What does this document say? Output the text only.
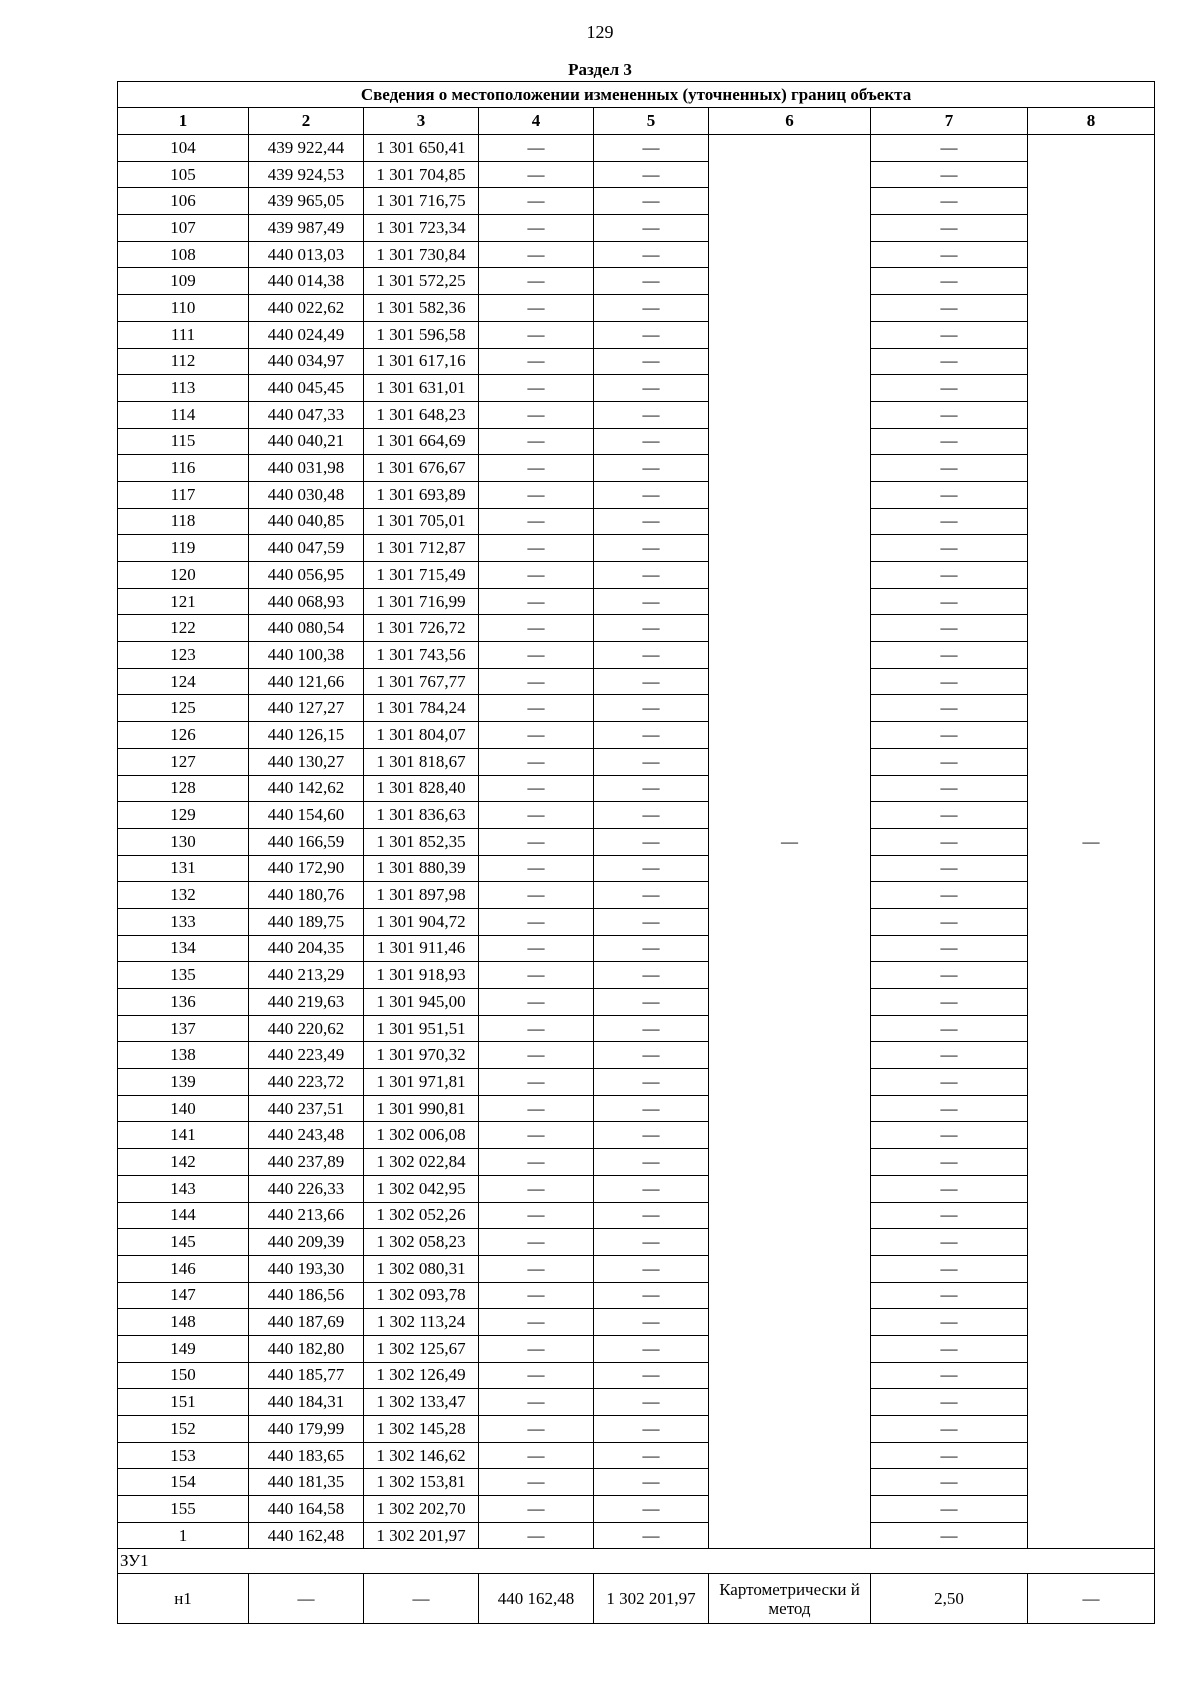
129
Раздел 3
Сведения о местоположении измененных (уточненных) границ объекта							
1	2	3	4	5	6	7	8
104	439 922,44	1 301 650,41	—	—	—	—	—
105	439 924,53	1 301 704,85	—	—		—	
106	439 965,05	1 301 716,75	—	—		—	
107	439 987,49	1 301 723,34	—	—		—	
108	440 013,03	1 301 730,84	—	—		—	
109	440 014,38	1 301 572,25	—	—		—	
110	440 022,62	1 301 582,36	—	—		—	
111	440 024,49	1 301 596,58	—	—		—	
112	440 034,97	1 301 617,16	—	—		—	
113	440 045,45	1 301 631,01	—	—		—	
114	440 047,33	1 301 648,23	—	—		—	
115	440 040,21	1 301 664,69	—	—		—	
116	440 031,98	1 301 676,67	—	—		—	
117	440 030,48	1 301 693,89	—	—		—	
118	440 040,85	1 301 705,01	—	—		—	
119	440 047,59	1 301 712,87	—	—		—	
120	440 056,95	1 301 715,49	—	—		—	
121	440 068,93	1 301 716,99	—	—		—	
122	440 080,54	1 301 726,72	—	—		—	
123	440 100,38	1 301 743,56	—	—		—	
124	440 121,66	1 301 767,77	—	—		—	
125	440 127,27	1 301 784,24	—	—		—	
126	440 126,15	1 301 804,07	—	—		—	
127	440 130,27	1 301 818,67	—	—		—	
128	440 142,62	1 301 828,40	—	—		—	
129	440 154,60	1 301 836,63	—	—		—	
130	440 166,59	1 301 852,35	—	—		—	
131	440 172,90	1 301 880,39	—	—		—	
132	440 180,76	1 301 897,98	—	—		—	
133	440 189,75	1 301 904,72	—	—		—	
134	440 204,35	1 301 911,46	—	—		—	
135	440 213,29	1 301 918,93	—	—		—	
136	440 219,63	1 301 945,00	—	—		—	
137	440 220,62	1 301 951,51	—	—		—	
138	440 223,49	1 301 970,32	—	—		—	
139	440 223,72	1 301 971,81	—	—		—	
140	440 237,51	1 301 990,81	—	—		—	
141	440 243,48	1 302 006,08	—	—		—	
142	440 237,89	1 302 022,84	—	—		—	
143	440 226,33	1 302 042,95	—	—		—	
144	440 213,66	1 302 052,26	—	—		—	
145	440 209,39	1 302 058,23	—	—		—	
146	440 193,30	1 302 080,31	—	—		—	
147	440 186,56	1 302 093,78	—	—		—	
148	440 187,69	1 302 113,24	—	—		—	
149	440 182,80	1 302 125,67	—	—		—	
150	440 185,77	1 302 126,49	—	—		—	
151	440 184,31	1 302 133,47	—	—		—	
152	440 179,99	1 302 145,28	—	—		—	
153	440 183,65	1 302 146,62	—	—		—	
154	440 181,35	1 302 153,81	—	—		—	
155	440 164,58	1 302 202,70	—	—		—	
1	440 162,48	1 302 201,97	—	—		—	
ЗУ1							
н1	—	—	440 162,48	1 302 201,97	Картометрически й метод	2,50	—
